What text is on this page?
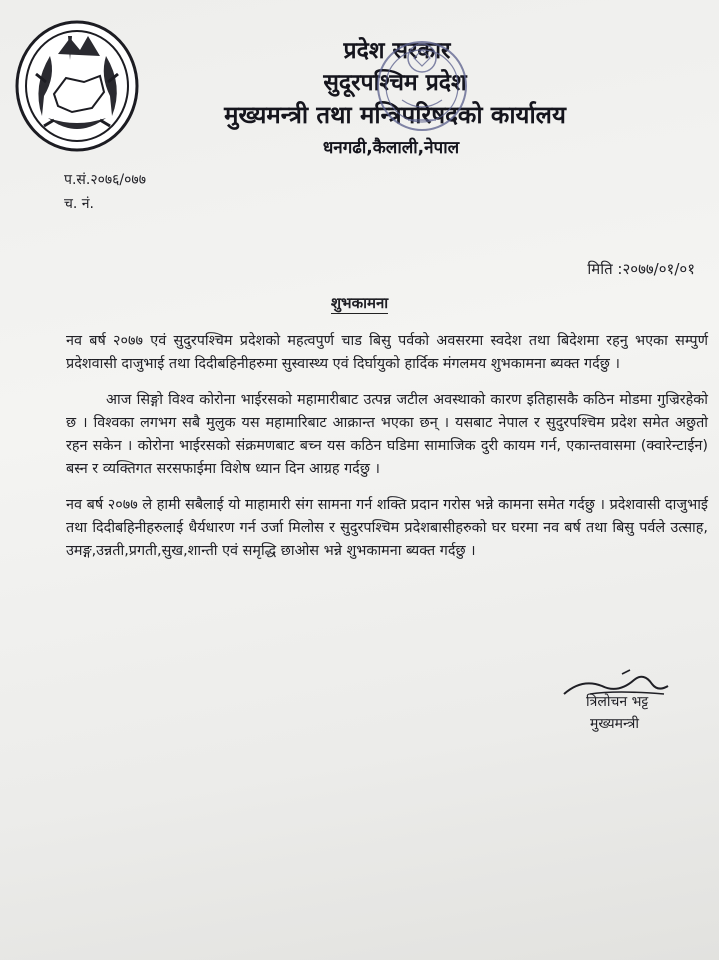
प्रदेश सरकार
सुदूरपश्चिम प्रदेश
मुख्यमन्त्री तथा मन्त्रिपरिषदको कार्यालय
धनगढी,कैलाली,नेपाल
प.सं.२०७६/०७७
च. नं.
मिति :२०७७/०१/०१
शुभकामना

नव बर्ष २०७७ एवं सुदुरपश्चिम प्रदेशको महत्वपुर्ण चाड बिसु पर्वको अवसरमा स्वदेश तथा बिदेशमा रहनु भएका सम्पुर्ण प्रदेशवासी दाजुभाई तथा दिदीबहिनीहरुमा सुस्वास्थ्य एवं दिर्घायुको हार्दिक मंगलमय शुभकामना ब्यक्त गर्दछु ।

आज सिङ्गो विश्व कोरोना भाईरसको महामारीबाट उत्पन्न जटील अवस्थाको कारण इतिहासकै कठिन मोडमा गुज्रिरहेको छ । विश्वका लगभग सबै मुलुक यस महामारिबाट आक्रान्त भएका छन् । यसबाट नेपाल र सुदुरपश्चिम प्रदेश समेत अछुतो रहन सकेन । कोरोना भाईरसको संक्रमणबाट बच्न यस कठिन घडिमा सामाजिक दुरी कायम गर्न, एकान्तवासमा (क्वारेन्टाईन) बस्न र व्यक्तिगत सरसफाईमा विशेष ध्यान दिन आग्रह गर्दछु ।

नव बर्ष २०७७ ले हामी सबैलाई यो माहामारी संग सामना गर्न शक्ति प्रदान गरोस भन्ने कामना समेत गर्दछु । प्रदेशवासी दाजुभाई तथा दिदीबहिनीहरुलाई धैर्यधारण गर्न उर्जा मिलोस र सुदुरपश्चिम प्रदेशबासीहरुको घर घरमा नव बर्ष तथा बिसु पर्वले उत्साह, उमङ्ग,उन्नती,प्रगती,सुख,शान्ती एवं समृद्धि छाओस भन्ने शुभकामना ब्यक्त गर्दछु ।

त्रिलोचन भट्ट
मुख्यमन्त्री
